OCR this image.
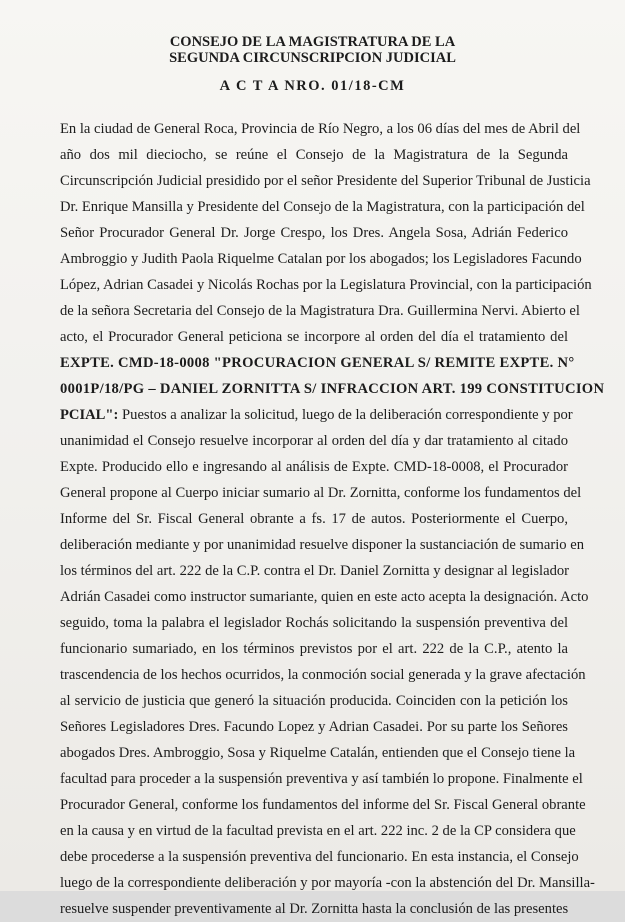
CONSEJO DE LA MAGISTRATURA DE LA
SEGUNDA CIRCUNSCRIPCION JUDICIAL
A C T A NRO. 01/18-CM
En la ciudad de General Roca, Provincia de Río Negro, a los 06 días del mes de Abril del
año dos mil dieciocho, se reúne el Consejo de la Magistratura de la Segunda
Circunscripción Judicial presidido por el señor Presidente del Superior Tribunal de Justicia
Dr. Enrique Mansilla y Presidente del Consejo de la Magistratura, con la participación del
Señor Procurador General Dr. Jorge Crespo, los Dres. Angela Sosa, Adrián Federico
Ambroggio y Judith Paola Riquelme Catalan por los abogados; los Legisladores Facundo
López, Adrian Casadei y Nicolás Rochas por la Legislatura Provincial, con la participación
de la señora Secretaria del Consejo de la Magistratura Dra. Guillermina Nervi. Abierto el
acto, el Procurador General peticiona se incorpore al orden del día el tratamiento del
EXPTE. CMD-18-0008 "PROCURACION GENERAL S/ REMITE EXPTE. N°
0001P/18/PG – DANIEL ZORNITTA S/ INFRACCION ART. 199 CONSTITUCION
PCIAL": Puestos a analizar la solicitud, luego de la deliberación correspondiente y por
unanimidad el Consejo resuelve incorporar al orden del día y dar tratamiento al citado
Expte. Producido ello e ingresando al análisis de Expte. CMD-18-0008, el Procurador
General propone al Cuerpo iniciar sumario al Dr. Zornitta, conforme los fundamentos del
Informe del Sr. Fiscal General obrante a fs. 17 de autos. Posteriormente el Cuerpo,
deliberación mediante y por unanimidad resuelve disponer la sustanciación de sumario en
los términos del art. 222 de la C.P. contra el Dr. Daniel Zornitta y designar al legislador
Adrián Casadei como instructor sumariante, quien en este acto acepta la designación. Acto
seguido, toma la palabra el legislador Rochás solicitando la suspensión preventiva del
funcionario sumariado, en los términos previstos por el art. 222 de la C.P., atento la
trascendencia de los hechos ocurridos, la conmoción social generada y la grave afectación
al servicio de justicia que generó la situación producida. Coinciden con la petición los
Señores Legisladores Dres. Facundo Lopez y Adrian Casadei. Por su parte los Señores
abogados Dres. Ambroggio, Sosa y Riquelme Catalán, entienden que el Consejo tiene la
facultad para proceder a la suspensión preventiva y así también lo propone. Finalmente el
Procurador General, conforme los fundamentos del informe del Sr. Fiscal General obrante
en la causa y en virtud de la facultad prevista en el art. 222 inc. 2 de la CP considera que
debe procederse a la suspensión preventiva del funcionario. En esta instancia, el Consejo
luego de la correspondiente deliberación y por mayoría -con la abstención del Dr. Mansilla-
resuelve suspender preventivamente al Dr. Zornitta hasta la conclusión de las presentes
